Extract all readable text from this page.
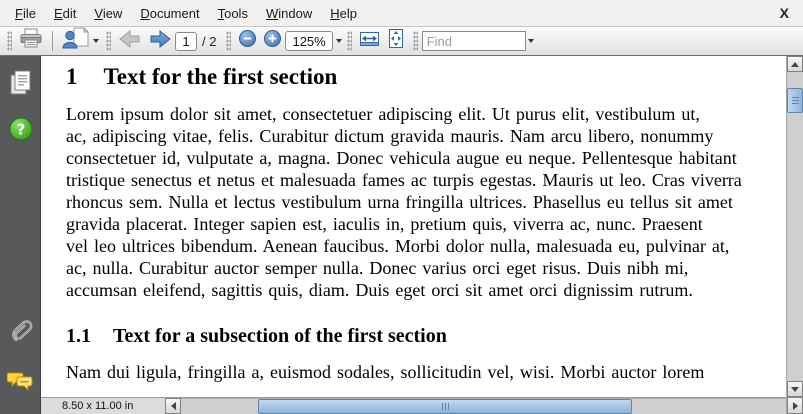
File	Edit	View	Document	Tools	Window	Help	X
1 / 2	125%
Find
?
1 Text for the first section
Lorem ipsum dolor sit amet, consectetuer adipiscing elit. Ut purus elit, vestibulum ut,
ac, adipiscing vitae, felis. Curabitur dictum gravida mauris. Nam arcu libero, nonummy
consectetuer id, vulputate a, magna. Donec vehicula augue eu neque. Pellentesque habitant
tristique senectus et netus et malesuada fames ac turpis egestas. Mauris ut leo. Cras viverra
rhoncus sem. Nulla et lectus vestibulum urna fringilla ultrices. Phasellus eu tellus sit amet
gravida placerat. Integer sapien est, iaculis in, pretium quis, viverra ac, nunc. Praesent
vel leo ultrices bibendum. Aenean faucibus. Morbi dolor nulla, malesuada eu, pulvinar at,
ac, nulla. Curabitur auctor semper nulla. Donec varius orci eget risus. Duis nibh mi,
accumsan eleifend, sagittis quis, diam. Duis eget orci sit amet orci dignissim rutrum.
1.1 Text for a subsection of the first section
Nam dui ligula, fringilla a, euismod sodales, sollicitudin vel, wisi. Morbi auctor lorem
8.50 x 11.00 in
